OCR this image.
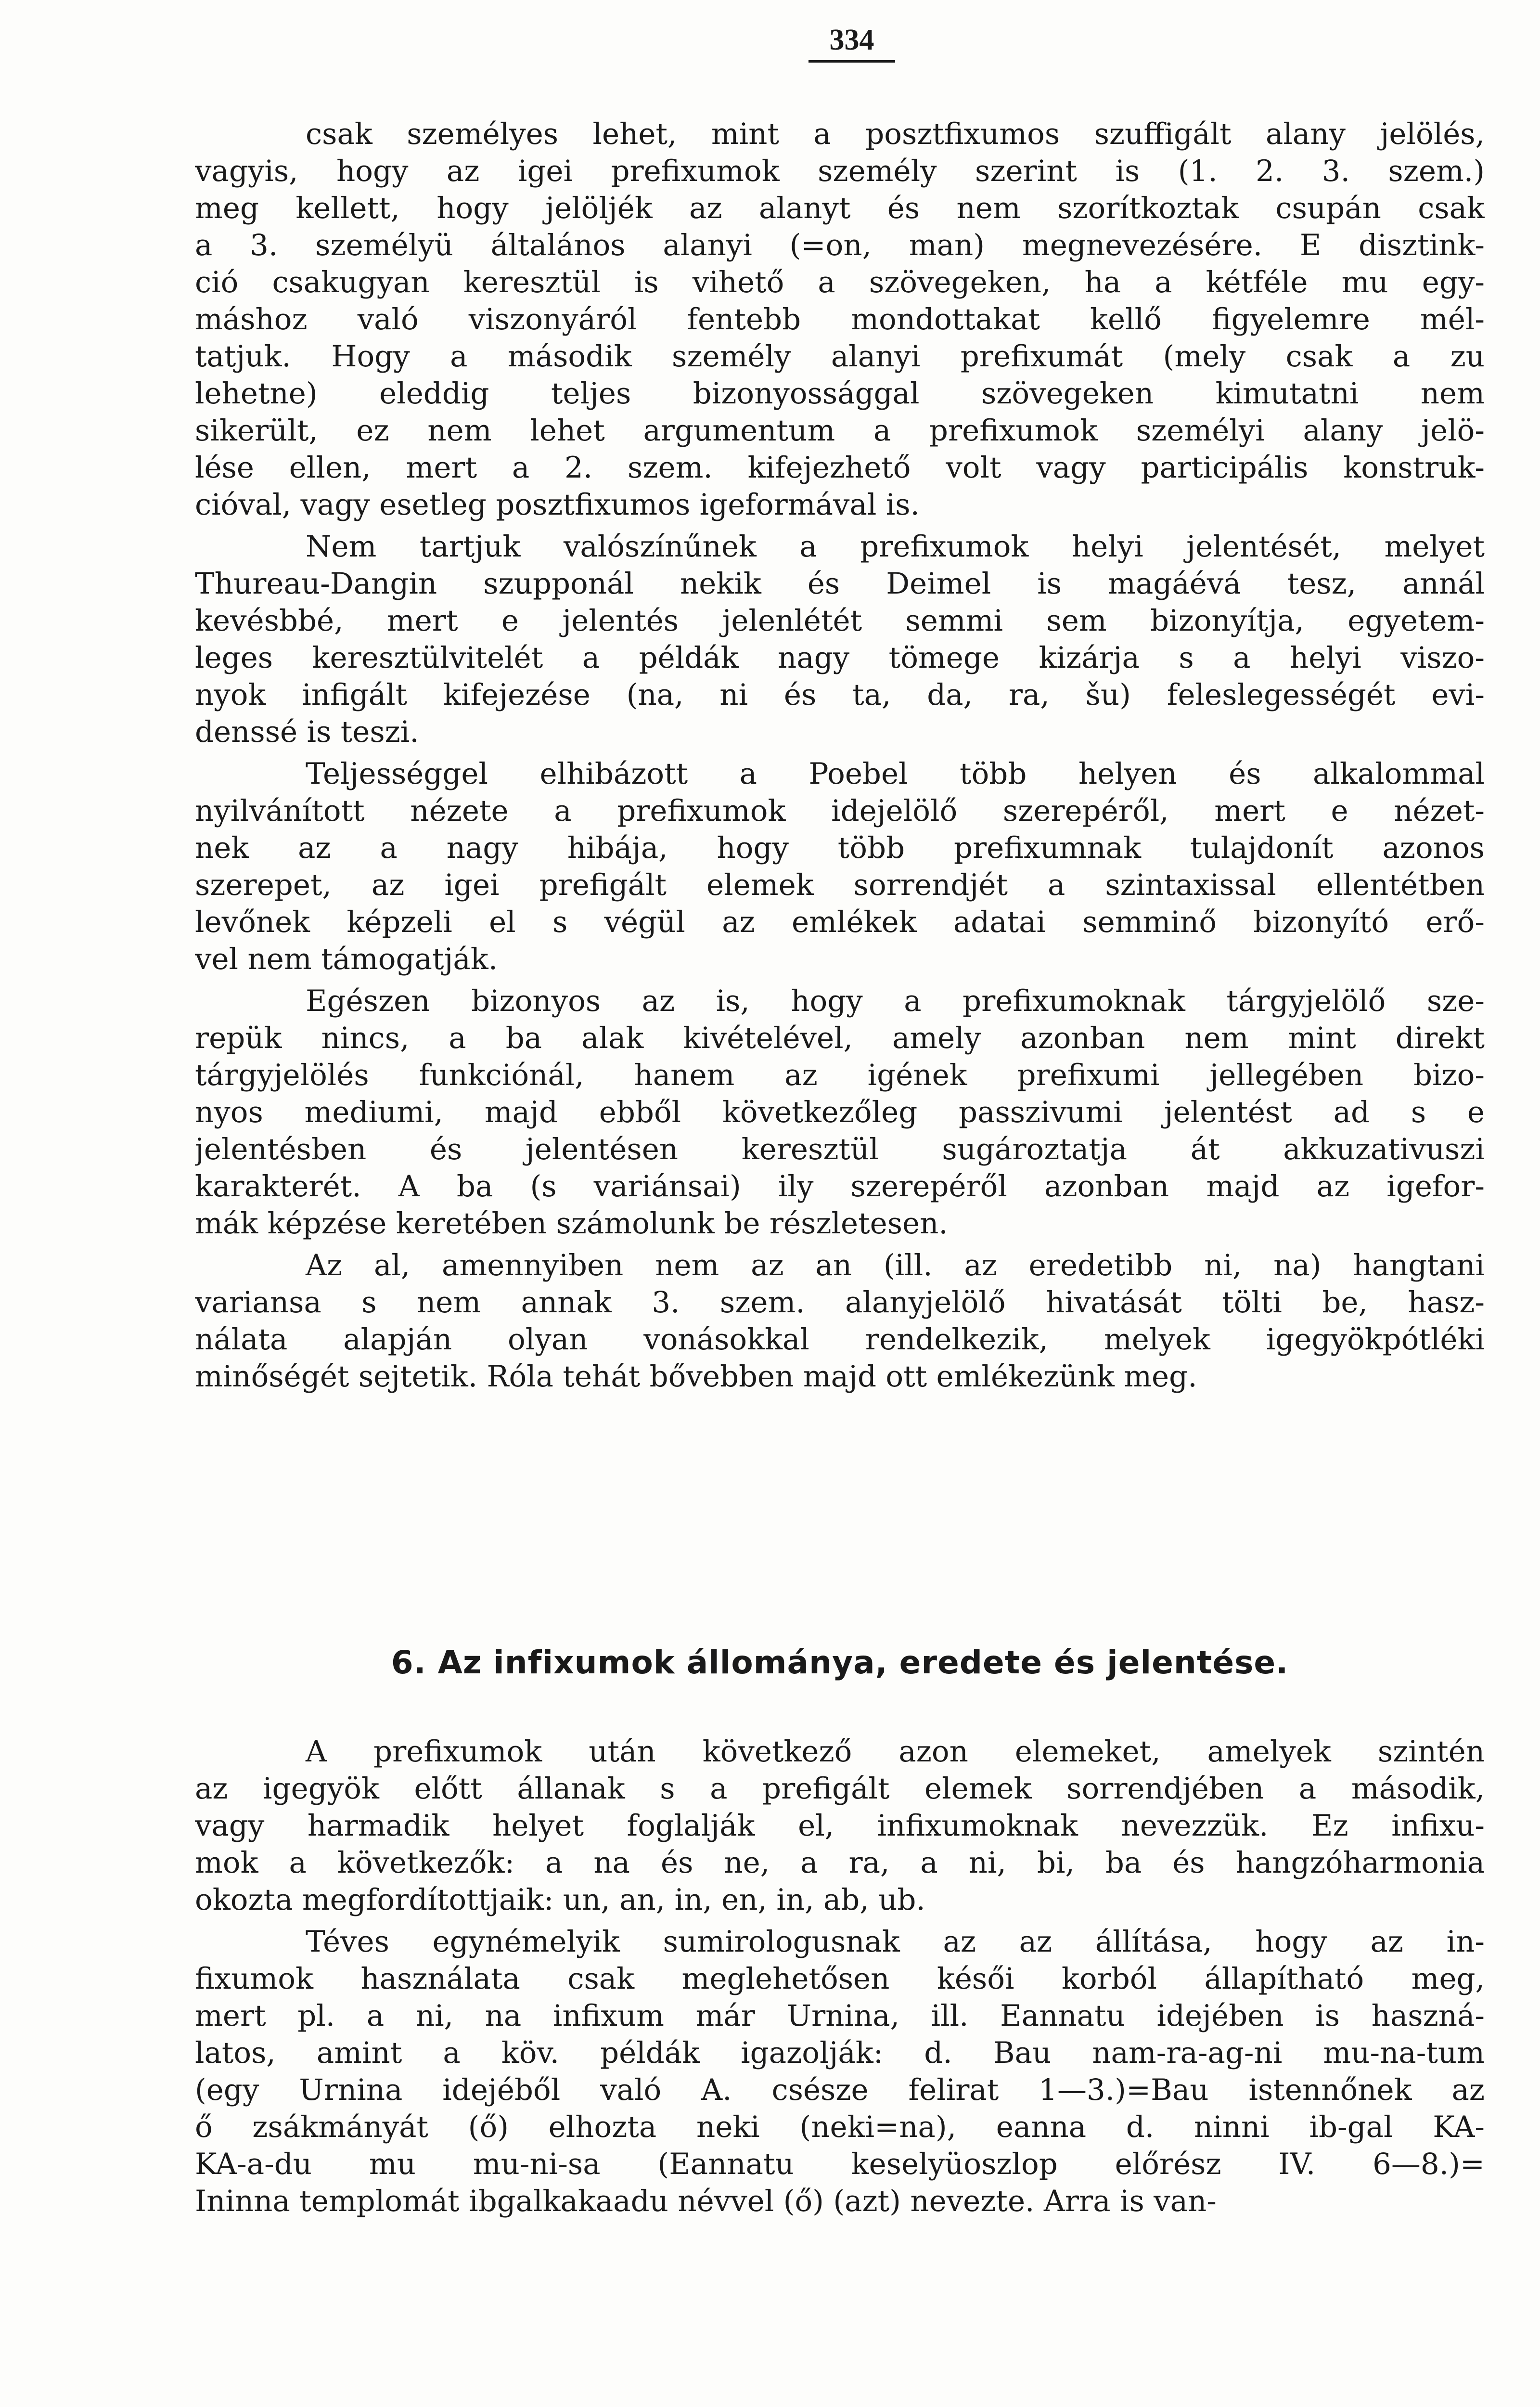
334
csak személyes lehet, mint a posztfixumos szuffigált alany jelölés,
vagyis, hogy az igei prefixumok személy szerint is (1. 2. 3. szem.)
meg kellett, hogy jelöljék az alanyt és nem szorítkoztak csupán csak
a 3. személyü általános alanyi (=on, man) megnevezésére. E disztink-
ció csakugyan keresztül is vihető a szövegeken, ha a kétféle mu egy-
máshoz való viszonyáról fentebb mondottakat kellő figyelemre mél-
tatjuk. Hogy a második személy alanyi prefixumát (mely csak a zu
lehetne) eleddig teljes bizonyossággal szövegeken kimutatni nem
sikerült, ez nem lehet argumentum a prefixumok személyi alany jelö-
lése ellen, mert a 2. szem. kifejezhető volt vagy participális konstruk-
cióval, vagy esetleg posztfixumos igeformával is.
Nem tartjuk valószínűnek a prefixumok helyi jelentését, melyet
Thureau-Dangin szupponál nekik és Deimel is magáévá tesz, annál
kevésbbé, mert e jelentés jelenlétét semmi sem bizonyítja, egyetem-
leges keresztülvitelét a példák nagy tömege kizárja s a helyi viszo-
nyok infigált kifejezése (na, ni és ta, da, ra, šu) feleslegességét evi-
denssé is teszi.
Teljességgel elhibázott a Poebel több helyen és alkalommal
nyilvánított nézete a prefixumok idejelölő szerepéről, mert e nézet-
nek az a nagy hibája, hogy több prefixumnak tulajdonít azonos
szerepet, az igei prefigált elemek sorrendjét a szintaxissal ellentétben
levőnek képzeli el s végül az emlékek adatai semminő bizonyító erő-
vel nem támogatják.
Egészen bizonyos az is, hogy a prefixumoknak tárgyjelölő sze-
repük nincs, a ba alak kivételével, amely azonban nem mint direkt
tárgyjelölés funkciónál, hanem az igének prefixumi jellegében bizo-
nyos mediumi, majd ebből következőleg passzivumi jelentést ad s e
jelentésben és jelentésen keresztül sugároztatja át akkuzativuszi
karakterét. A ba (s variánsai) ily szerepéről azonban majd az igefor-
mák képzése keretében számolunk be részletesen.
Az al, amennyiben nem az an (ill. az eredetibb ni, na) hangtani
variansa s nem annak 3. szem. alanyjelölő hivatását tölti be, hasz-
nálata alapján olyan vonásokkal rendelkezik, melyek igegyökpótléki
minőségét sejtetik. Róla tehát bővebben majd ott emlékezünk meg.
6. Az infixumok állománya, eredete és jelentése.
A prefixumok után következő azon elemeket, amelyek szintén
az igegyök előtt állanak s a prefigált elemek sorrendjében a második,
vagy harmadik helyet foglalják el, infixumoknak nevezzük. Ez infixu-
mok a következők: a na és ne, a ra, a ni, bi, ba és hangzóharmonia
okozta megfordítottjaik: un, an, in, en, in, ab, ub.
Téves egynémelyik sumirologusnak az az állítása, hogy az in-
fixumok használata csak meglehetősen késői korból állapítható meg,
mert pl. a ni, na infixum már Urnina, ill. Eannatu idejében is haszná-
latos, amint a köv. példák igazolják: d. Bau nam-ra-ag-ni mu-na-tum
(egy Urnina idejéből való A. csésze felirat 1—3.)=Bau istennőnek az
ő zsákmányát (ő) elhozta neki (neki=na), eanna d. ninni ib-gal KA-
KA-a-du mu mu-ni-sa (Eannatu keselyüoszlop előrész IV. 6—8.)=
Ininna templomát ibgalkakaadu névvel (ő) (azt) nevezte. Arra is van-
